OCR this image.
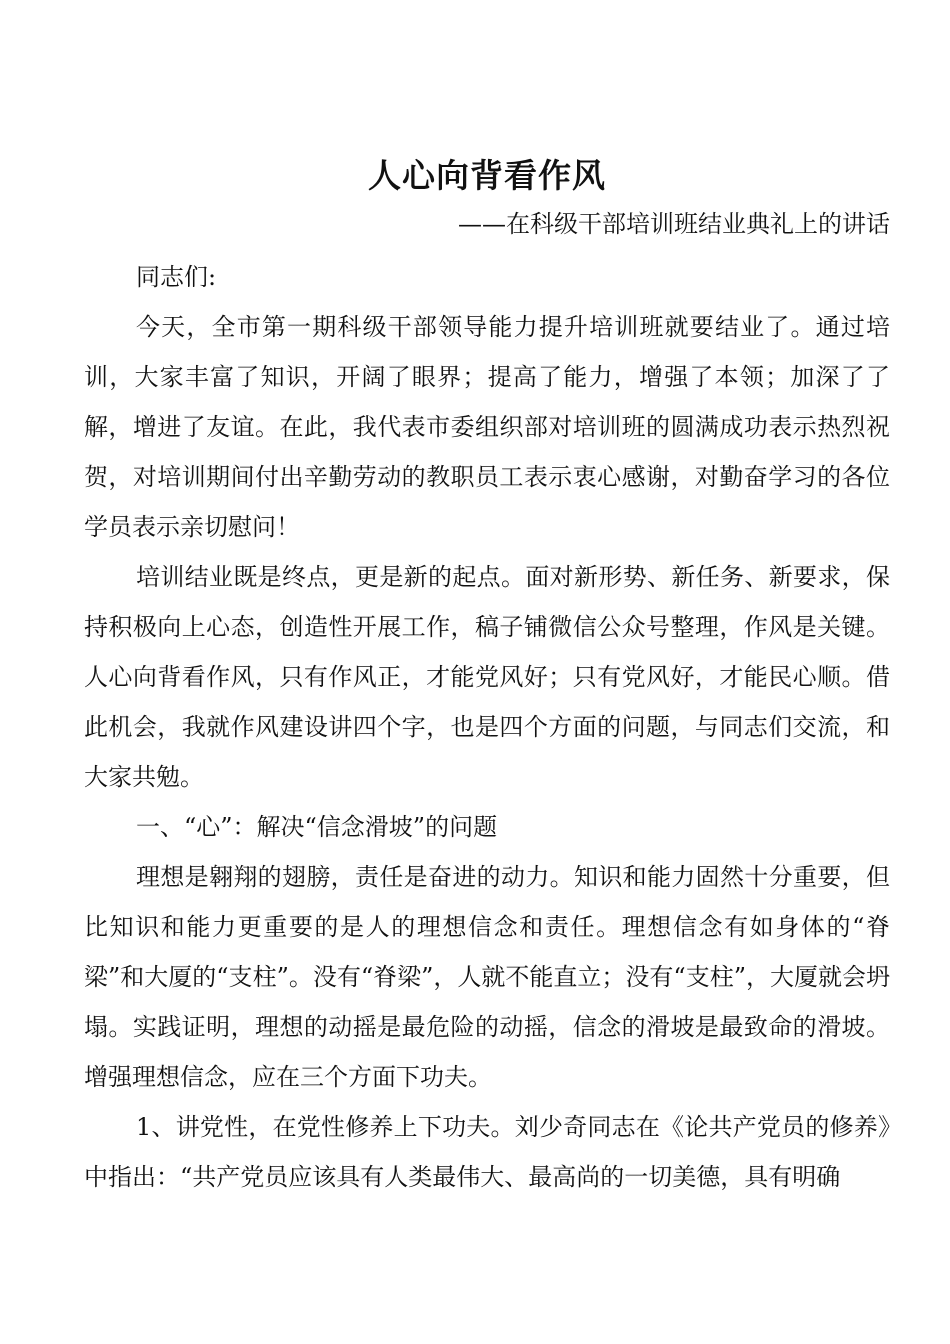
人心向背看作风

——在科级干部培训班结业典礼上的讲话

同志们:

今天，全市第一期科级干部领导能力提升培训班就要结业了。通过培训，大家丰富了知识，开阔了眼界；提高了能力，增强了本领；加深了了解，增进了友谊。在此，我代表市委组织部对培训班的圆满成功表示热烈祝贺，对培训期间付出辛勤劳动的教职员工表示衷心感谢，对勤奋学习的各位学员表示亲切慰问！

培训结业既是终点，更是新的起点。面对新形势、新任务、新要求，保持积极向上心态，创造性开展工作，稿子铺微信公众号整理，作风是关键。人心向背看作风，只有作风正，才能党风好；只有党风好，才能民心顺。借此机会，我就作风建设讲四个字，也是四个方面的问题，与同志们交流，和大家共勉。

一、“心”：解决“信念滑坡”的问题

理想是翱翔的翅膀，责任是奋进的动力。知识和能力固然十分重要，但比知识和能力更重要的是人的理想信念和责任。理想信念有如身体的“脊梁”和大厦的“支柱”。没有“脊梁”，人就不能直立；没有“支柱”，大厦就会坍塌。实践证明，理想的动摇是最危险的动摇，信念的滑坡是最致命的滑坡。增强理想信念，应在三个方面下功夫。

1、讲党性，在党性修养上下功夫。刘少奇同志在《论共产党员的修养》中指出：“共产党员应该具有人类最伟大、最高尚的一切美德，具有明确
